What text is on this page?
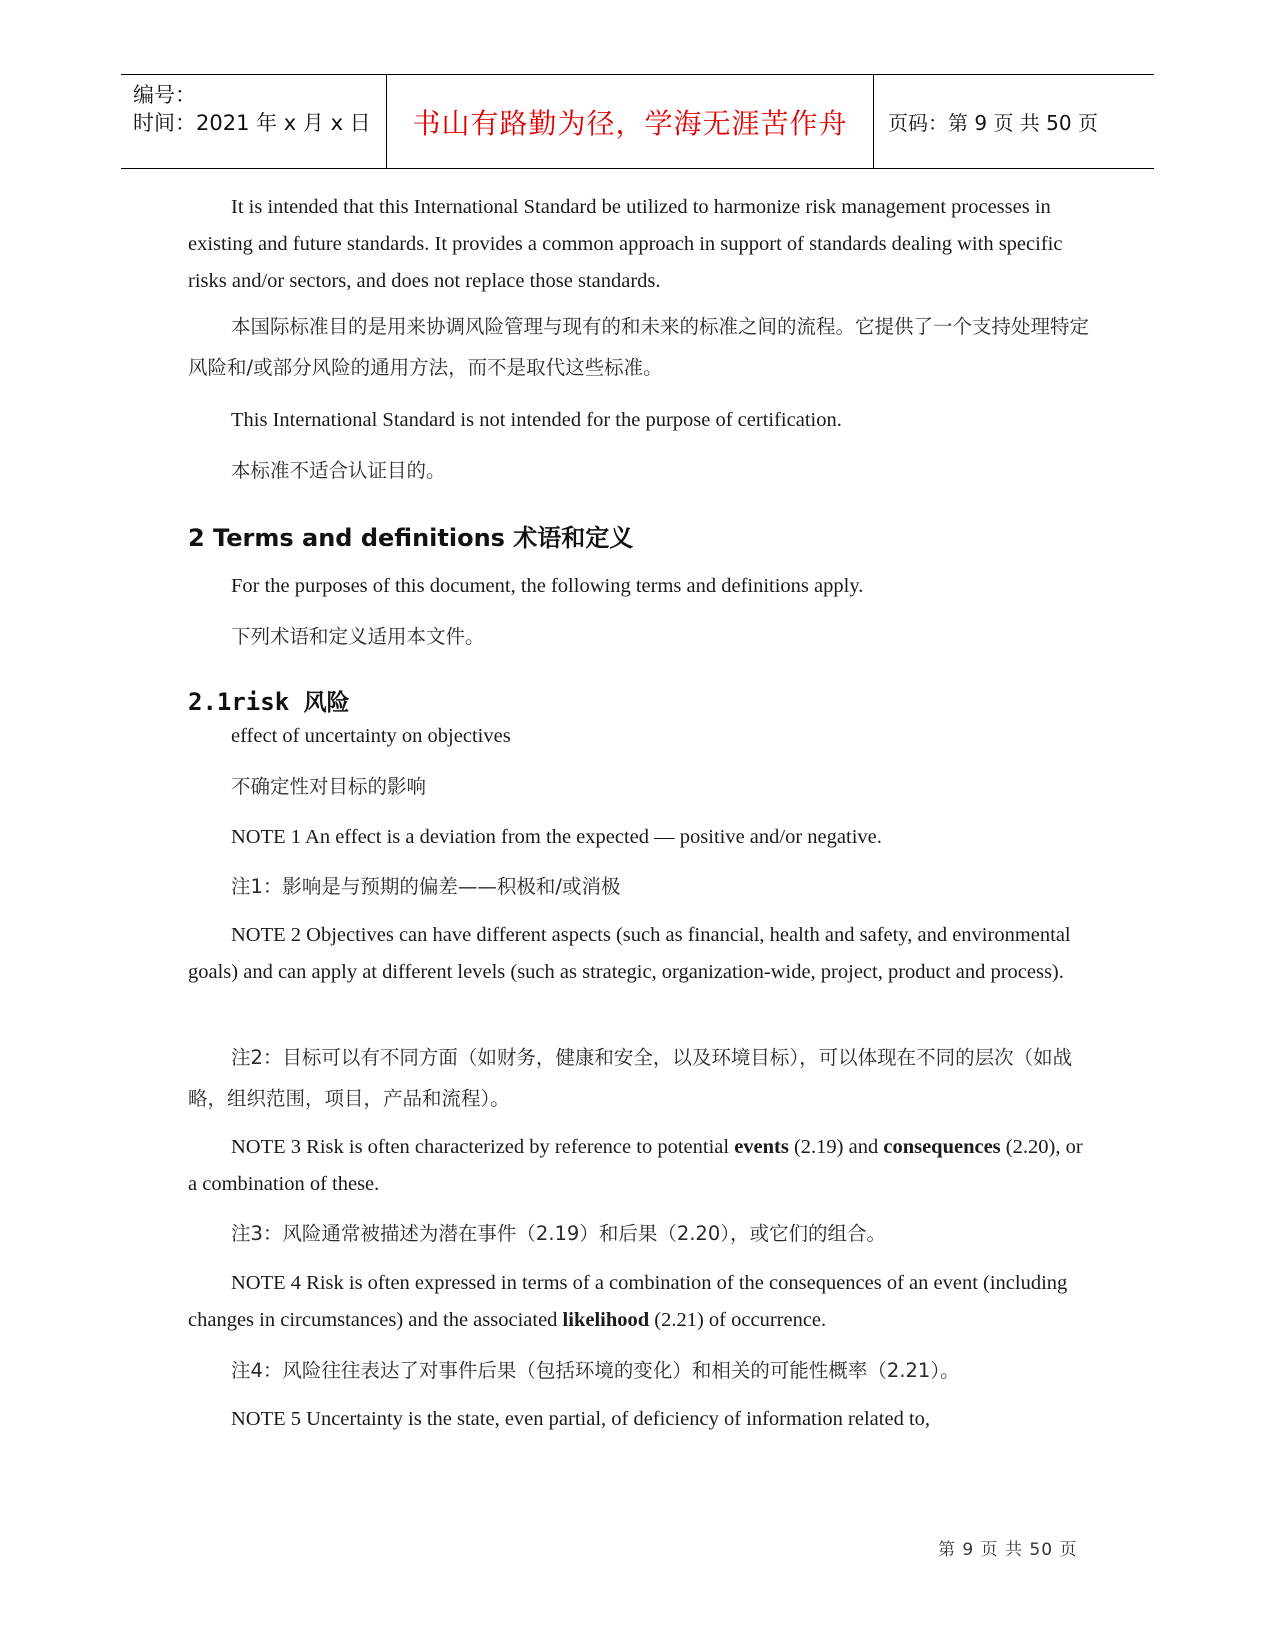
编号：
时间：2021 年 x 月 x 日 书山有路勤为径，学海无涯苦作舟 页码：第 9 页 共 50 页

It is intended that this International Standard be utilized to harmonize risk management processes in existing and future standards. It provides a common approach in support of standards dealing with specific risks and/or sectors, and does not replace those standards.

本国际标准目的是用来协调风险管理与现有的和未来的标准之间的流程。它提供了一个支持处理特定风险和/或部分风险的通用方法，而不是取代这些标准。

This International Standard is not intended for the purpose of certification.

本标准不适合认证目的。

2 Terms and definitions 术语和定义

For the purposes of this document, the following terms and definitions apply.

下列术语和定义适用本文件。

2.1risk 风险

effect of uncertainty on objectives

不确定性对目标的影响

NOTE 1 An effect is a deviation from the expected — positive and/or negative.

注1：影响是与预期的偏差——积极和/或消极

NOTE 2 Objectives can have different aspects (such as financial, health and safety, and environmental goals) and can apply at different levels (such as strategic, organization-wide, project, product and process).

注2：目标可以有不同方面（如财务，健康和安全，以及环境目标），可以体现在不同的层次（如战略，组织范围，项目，产品和流程）。

NOTE 3 Risk is often characterized by reference to potential events (2.19) and consequences (2.20), or a combination of these.

注3：风险通常被描述为潜在事件（2.19）和后果（2.20），或它们的组合。

NOTE 4 Risk is often expressed in terms of a combination of the consequences of an event (including changes in circumstances) and the associated likelihood (2.21) of occurrence.

注4：风险往往表达了对事件后果（包括环境的变化）和相关的可能性概率（2.21）。

NOTE 5 Uncertainty is the state, even partial, of deficiency of information related to,

第 9 页 共 50 页
